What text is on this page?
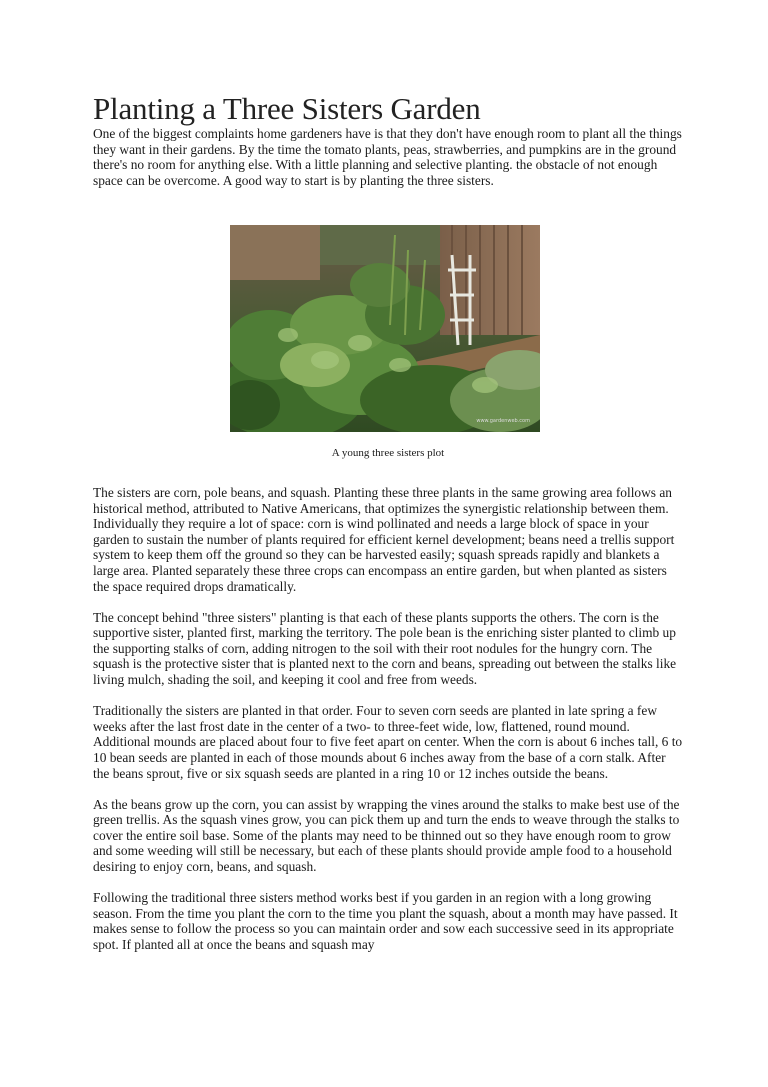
Planting a Three Sisters Garden

One of the biggest complaints home gardeners have is that they don't have enough room to plant all the things they want in their gardens. By the time the tomato plants, peas, strawberries, and pumpkins are in the ground there's no room for anything else. With a little planning and selective planting. the obstacle of not enough space can be overcome. A good way to start is by planting the three sisters.

www.gardenweb.com
A young three sisters plot

The sisters are corn, pole beans, and squash. Planting these three plants in the same growing area follows an historical method, attributed to Native Americans, that optimizes the synergistic relationship between them. Individually they require a lot of space: corn is wind pollinated and needs a large block of space in your garden to sustain the number of plants required for efficient kernel development; beans need a trellis support system to keep them off the ground so they can be harvested easily; squash spreads rapidly and blankets a large area. Planted separately these three crops can encompass an entire garden, but when planted as sisters the space required drops dramatically.

The concept behind "three sisters" planting is that each of these plants supports the others. The corn is the supportive sister, planted first, marking the territory. The pole bean is the enriching sister planted to climb up the supporting stalks of corn, adding nitrogen to the soil with their root nodules for the hungry corn. The squash is the protective sister that is planted next to the corn and beans, spreading out between the stalks like living mulch, shading the soil, and keeping it cool and free from weeds.

Traditionally the sisters are planted in that order. Four to seven corn seeds are planted in late spring a few weeks after the last frost date in the center of a two- to three-feet wide, low, flattened, round mound. Additional mounds are placed about four to five feet apart on center. When the corn is about 6 inches tall, 6 to 10 bean seeds are planted in each of those mounds about 6 inches away from the base of a corn stalk. After the beans sprout, five or six squash seeds are planted in a ring 10 or 12 inches outside the beans.

As the beans grow up the corn, you can assist by wrapping the vines around the stalks to make best use of the green trellis. As the squash vines grow, you can pick them up and turn the ends to weave through the stalks to cover the entire soil base. Some of the plants may need to be thinned out so they have enough room to grow and some weeding will still be necessary, but each of these plants should provide ample food to a household desiring to enjoy corn, beans, and squash.

Following the traditional three sisters method works best if you garden in an region with a long growing season. From the time you plant the corn to the time you plant the squash, about a month may have passed. It makes sense to follow the process so you can maintain order and sow each successive seed in its appropriate spot. If planted all at once the beans and squash may
